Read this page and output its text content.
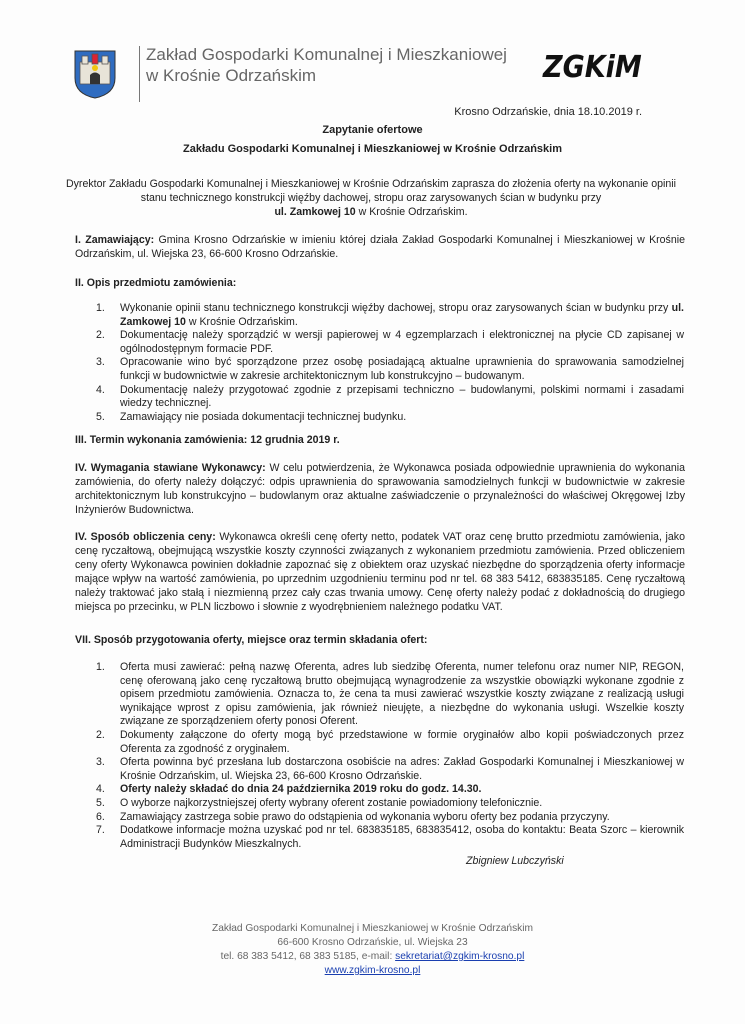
Zakład Gospodarki Komunalnej i Mieszkaniowej
w Krośnie Odrzańskim	ZGKiM
Krosno Odrzańskie, dnia 18.10.2019 r.
Zapytanie ofertowe
Zakładu Gospodarki Komunalnej i Mieszkaniowej w Krośnie Odrzańskim
Dyrektor Zakładu Gospodarki Komunalnej i Mieszkaniowej w Krośnie Odrzańskim zaprasza do złożenia oferty na wykonanie opinii stanu technicznego konstrukcji więźby dachowej, stropu oraz zarysowanych ścian w budynku przy
ul. Zamkowej 10 w Krośnie Odrzańskim.
I. Zamawiający: Gmina Krosno Odrzańskie w imieniu której działa Zakład Gospodarki Komunalnej i Mieszkaniowej w Krośnie Odrzańskim, ul. Wiejska 23, 66-600 Krosno Odrzańskie.
II. Opis przedmiotu zamówienia:
1.	Wykonanie opinii stanu technicznego konstrukcji więźby dachowej, stropu oraz zarysowanych ścian w budynku przy ul. Zamkowej 10 w Krośnie Odrzańskim.
2.	Dokumentację należy sporządzić w wersji papierowej w 4 egzemplarzach i elektronicznej na płycie CD zapisanej w ogólnodostępnym formacie PDF.
3.	Opracowanie wino być sporządzone przez osobę posiadającą aktualne uprawnienia do sprawowania samodzielnej funkcji w budownictwie w zakresie architektonicznym lub konstrukcyjno – budowanym.
4.	Dokumentację należy przygotować zgodnie z przepisami techniczno – budowlanymi, polskimi normami i zasadami wiedzy technicznej.
5.	Zamawiający nie posiada dokumentacji technicznej budynku.
III. Termin wykonania zamówienia: 12 grudnia 2019 r.
IV. Wymagania stawiane Wykonawcy: W celu potwierdzenia, że Wykonawca posiada odpowiednie uprawnienia do wykonania zamówienia, do oferty należy dołączyć: odpis uprawnienia do sprawowania samodzielnych funkcji w budownictwie w zakresie architektonicznym lub konstrukcyjno – budowlanym oraz aktualne zaświadczenie o przynależności do właściwej Okręgowej Izby Inżynierów Budownictwa.
IV. Sposób obliczenia ceny: Wykonawca określi cenę oferty netto, podatek VAT oraz cenę brutto przedmiotu zamówienia, jako cenę ryczałtową, obejmującą wszystkie koszty czynności związanych z wykonaniem przedmiotu zamówienia. Przed obliczeniem ceny oferty Wykonawca powinien dokładnie zapoznać się z obiektem oraz uzyskać niezbędne do sporządzenia oferty informacje mające wpływ na wartość zamówienia, po uprzednim uzgodnieniu terminu pod nr tel. 68 383 5412, 683835185. Cenę ryczałtową należy traktować jako stałą i niezmienną przez cały czas trwania umowy. Cenę oferty należy podać z dokładnością do drugiego miejsca po przecinku, w PLN liczbowo i słownie z wyodrębnieniem należnego podatku VAT.
VII. Sposób przygotowania oferty, miejsce oraz termin składania ofert:
1.	Oferta musi zawierać: pełną nazwę Oferenta, adres lub siedzibę Oferenta, numer telefonu oraz numer NIP, REGON, cenę oferowaną jako cenę ryczałtową brutto obejmującą wynagrodzenie za wszystkie obowiązki wykonane zgodnie z opisem przedmiotu zamówienia. Oznacza to, że cena ta musi zawierać wszystkie koszty związane z realizacją usługi wynikające wprost z opisu zamówienia, jak również nieujęte, a niezbędne do wykonania usługi. Wszelkie koszty związane ze sporządzeniem oferty ponosi Oferent.
2.	Dokumenty załączone do oferty mogą być przedstawione w formie oryginałów albo kopii poświadczonych przez Oferenta za zgodność z oryginałem.
3.	Oferta powinna być przesłana lub dostarczona osobiście na adres: Zakład Gospodarki Komunalnej i Mieszkaniowej w Krośnie Odrzańskim, ul. Wiejska 23, 66-600 Krosno Odrzańskie.
4.	Oferty należy składać do dnia 24 października 2019 roku do godz. 14.30.
5.	O wyborze najkorzystniejszej oferty wybrany oferent zostanie powiadomiony telefonicznie.
6.	Zamawiający zastrzega sobie prawo do odstąpienia od wykonania wyboru oferty bez podania przyczyny.
7.	Dodatkowe informacje można uzyskać pod nr tel. 683835185, 683835412, osoba do kontaktu: Beata Szorc – kierownik Administracji Budynków Mieszkalnych.
Zbigniew Lubczyński
Zakład Gospodarki Komunalnej i Mieszkaniowej w Krośnie Odrzańskim
66-600 Krosno Odrzańskie, ul. Wiejska 23
tel. 68 383 5412, 68 383 5185, e-mail: sekretariat@zgkim-krosno.pl
www.zgkim-krosno.pl
